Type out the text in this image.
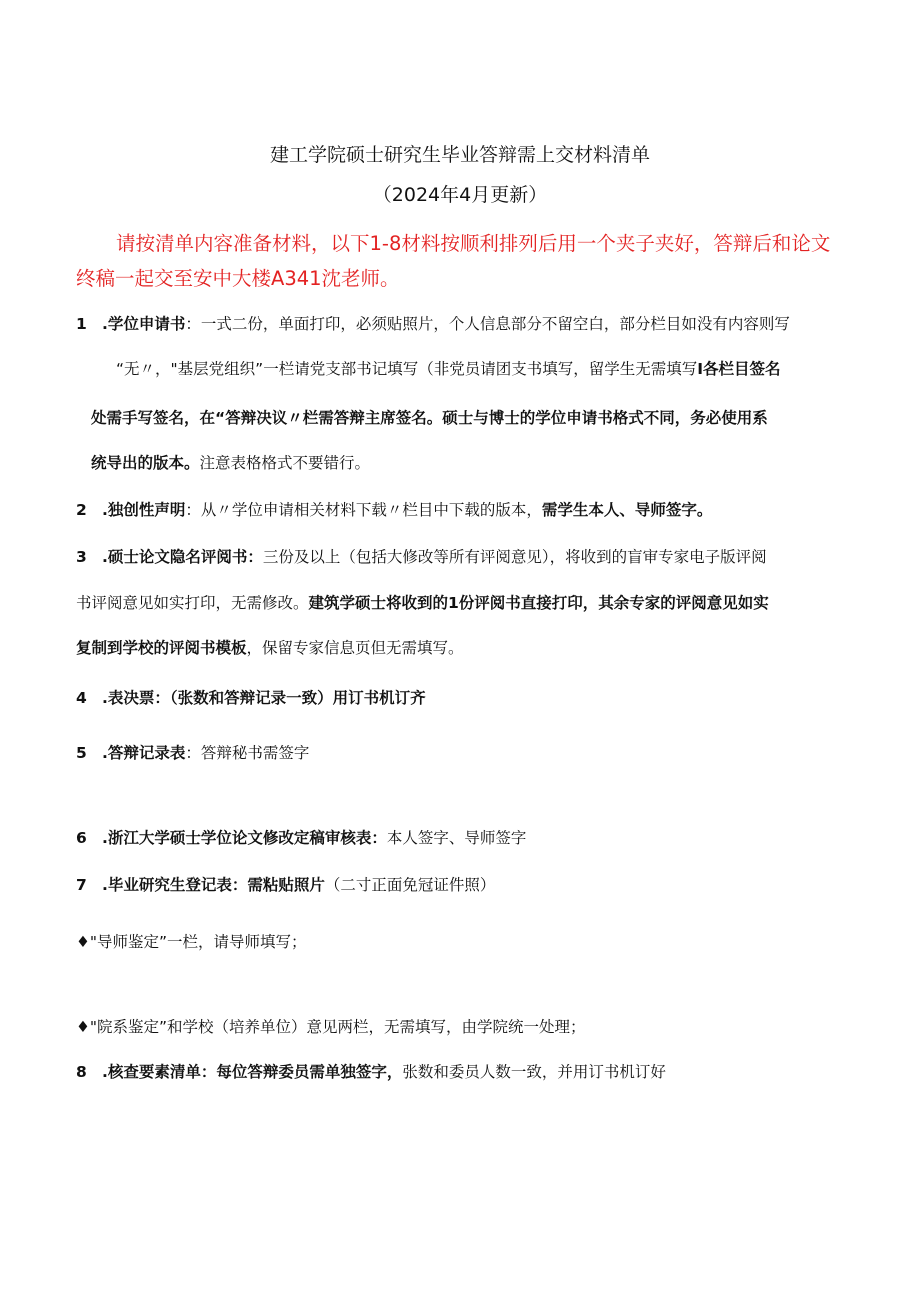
建工学院硕士研究生毕业答辩需上交材料清单
（2024年4月更新）
请按清单内容准备材料，以下1-8材料按顺利排列后用一个夹子夹好，答辩后和论文
终稿一起交至安中大楼A341沈老师。
1 .学位申请书：一式二份，单面打印，必须贴照片，个人信息部分不留空白，部分栏目如没有内容则写
“无〃，"基层党组织”一栏请党支部书记填写（非党员请团支书填写，留学生无需填写I各栏目签名
处需手写签名，在“答辩决议〃栏需答辩主席签名。硕士与博士的学位申请书格式不同，务必使用系
统导出的版本。注意表格格式不要错行。
2 .独创性声明：从〃学位申请相关材料下载〃栏目中下载的版本，需学生本人、导师签字。
3 .硕士论文隐名评阅书：三份及以上（包括大修改等所有评阅意见），将收到的盲审专家电子版评阅
书评阅意见如实打印，无需修改。建筑学硕士将收到的1份评阅书直接打印，其余专家的评阅意见如实
复制到学校的评阅书模板，保留专家信息页但无需填写。
4 .表决票：（张数和答辩记录一致）用订书机订齐
5 .答辩记录表：答辩秘书需签字
6 .浙江大学硕士学位论文修改定稿审核表：本人签字、导师签字
7 .毕业研究生登记表：需粘贴照片（二寸正面免冠证件照）
♦"导师鉴定”一栏，请导师填写；
♦"院系鉴定”和学校（培养单位）意见两栏，无需填写，由学院统一处理；
8 .核查要素清单：每位答辩委员需单独签字，张数和委员人数一致，并用订书机订好
